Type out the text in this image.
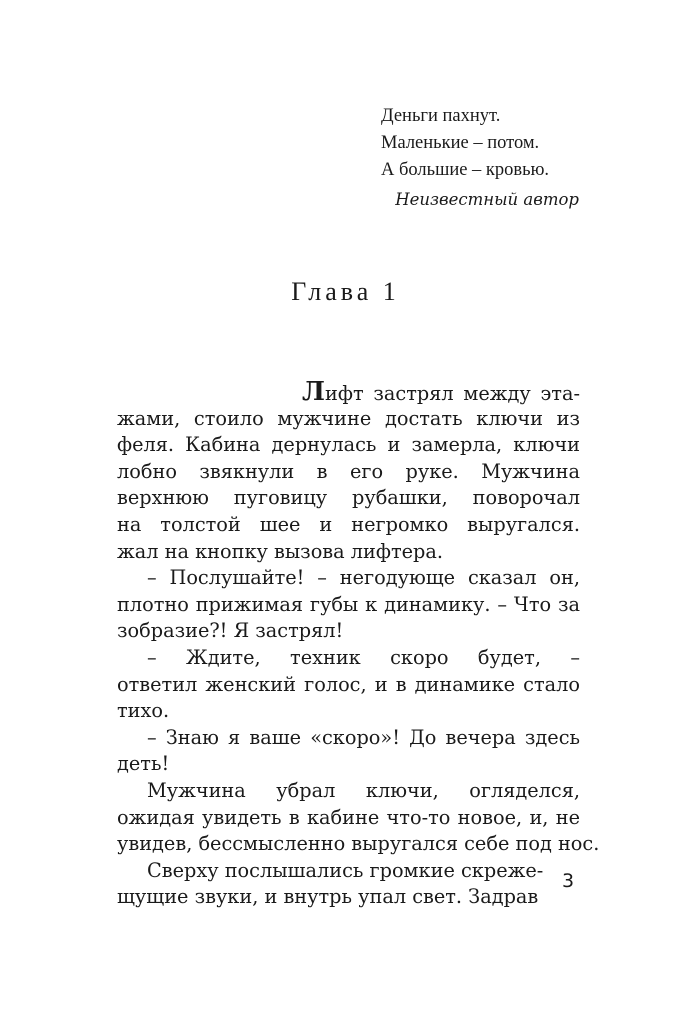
Деньги пахнут.
Маленькие – потом.
А большие – кровью.
Неизвестный автор
Глава 1
Лифт застрял между эта-
жами, стоило мужчине достать ключи из
феля. Кабина дернулась и замерла, ключи
лобно звякнули в его руке. Мужчина
верхнюю пуговицу рубашки, поворочал
на толстой шее и негромко выругался.
жал на кнопку вызова лифтера.
– Послушайте! – негодующе сказал он,
плотно прижимая губы к динамику. – Что за
зобразие?! Я застрял!
– Ждите, техник скоро будет, –
ответил женский голос, и в динамике стало
тихо.
– Знаю я ваше «скоро»! До вечера здесь
деть!
Мужчина убрал ключи, огляделся,
ожидая увидеть в кабине что-то новое, и, не
увидев, бессмысленно выругался себе под нос.
Сверху послышались громкие скреже-
щущие звуки, и внутрь упал свет. Задрав
3
